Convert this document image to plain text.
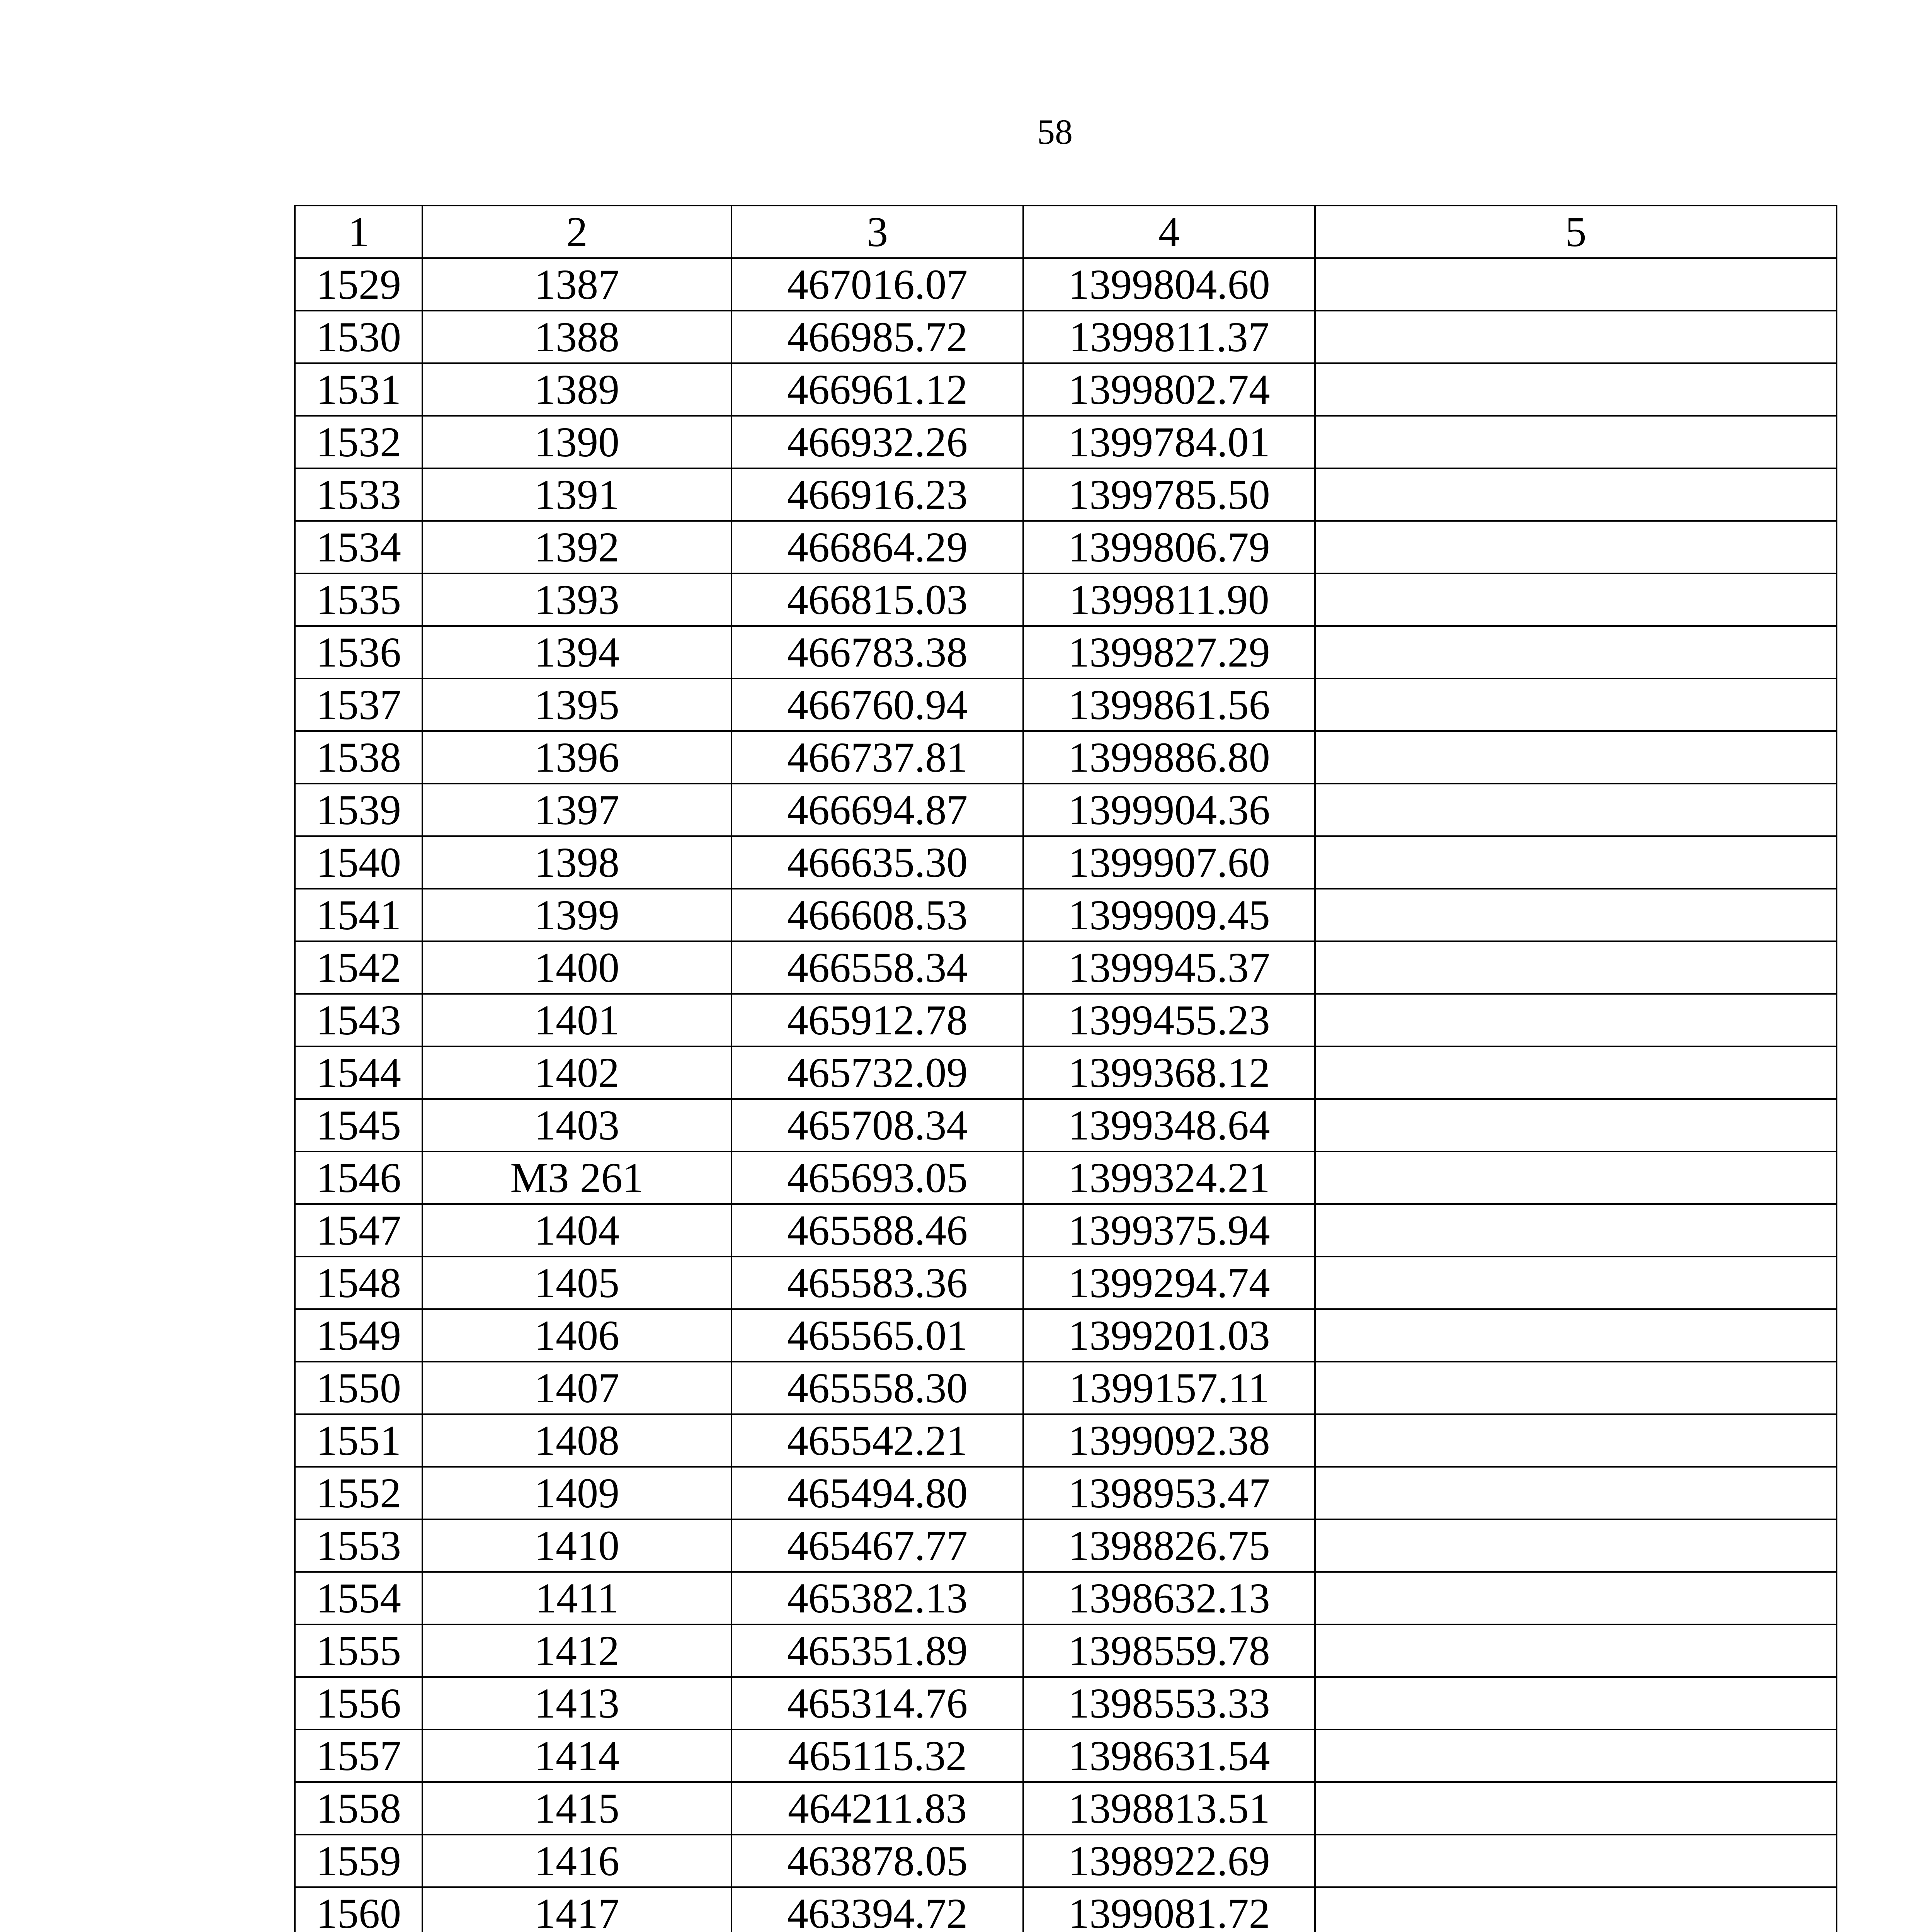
58
1	2	3	4	5
1529	1387	467016.07	1399804.60	
1530	1388	466985.72	1399811.37	
1531	1389	466961.12	1399802.74	
1532	1390	466932.26	1399784.01	
1533	1391	466916.23	1399785.50	
1534	1392	466864.29	1399806.79	
1535	1393	466815.03	1399811.90	
1536	1394	466783.38	1399827.29	
1537	1395	466760.94	1399861.56	
1538	1396	466737.81	1399886.80	
1539	1397	466694.87	1399904.36	
1540	1398	466635.30	1399907.60	
1541	1399	466608.53	1399909.45	
1542	1400	466558.34	1399945.37	
1543	1401	465912.78	1399455.23	
1544	1402	465732.09	1399368.12	
1545	1403	465708.34	1399348.64	
1546	МЗ 261	465693.05	1399324.21	
1547	1404	465588.46	1399375.94	
1548	1405	465583.36	1399294.74	
1549	1406	465565.01	1399201.03	
1550	1407	465558.30	1399157.11	
1551	1408	465542.21	1399092.38	
1552	1409	465494.80	1398953.47	
1553	1410	465467.77	1398826.75	
1554	1411	465382.13	1398632.13	
1555	1412	465351.89	1398559.78	
1556	1413	465314.76	1398553.33	
1557	1414	465115.32	1398631.54	
1558	1415	464211.83	1398813.51	
1559	1416	463878.05	1398922.69	
1560	1417	463394.72	1399081.72	
